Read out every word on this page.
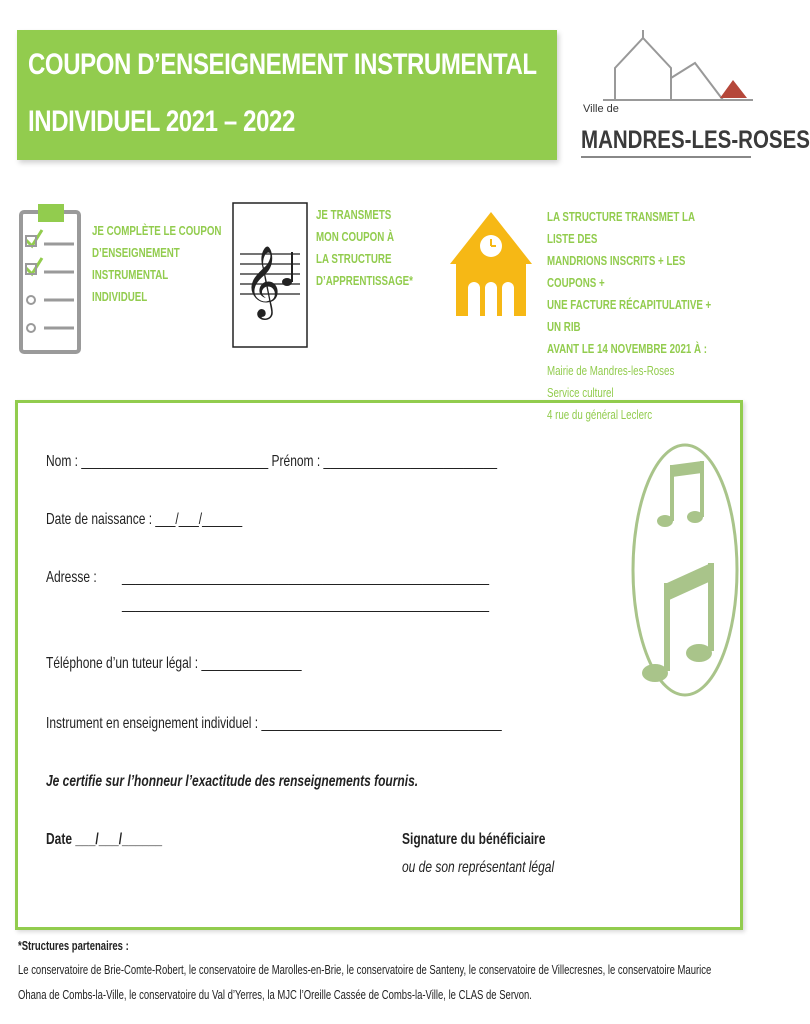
COUPON D’ENSEIGNEMENT INSTRUMENTAL
INDIVIDUEL 2021 – 2022	Ville de
MANDRES-LES-ROSES
JE COMPLÈTE LE COUPON
D’ENSEIGNEMENT
INSTRUMENTAL
INDIVIDUEL	𝄞
JE TRANSMETS
MON COUPON À
LA STRUCTURE
D’APPRENTISSAGE*
LA STRUCTURE TRANSMET LA LISTE DES
MANDRIONS INSCRITS + LES COUPONS +
UNE FACTURE RÉCAPITULATIVE + UN RIB
AVANT LE 14 NOVEMBRE 2021 À :
Mairie de Mandres-les-Roses
Service culturel
4 rue du général Leclerc
Nom : ____________________________ Prénom : __________________________
Date de naissance : ___/___/______
Adresse : _______________________________________________________
_______________________________________________________
Téléphone d’un tuteur légal : _______________
Instrument en enseignement individuel : ____________________________________
Je certifie sur l’honneur l’exactitude des renseignements fournis.
Date ___/___/______	Signature du bénéficiaire
ou de son représentant légal
*Structures partenaires :
Le conservatoire de Brie-Comte-Robert, le conservatoire de Marolles-en-Brie, le conservatoire de Santeny, le conservatoire de Villecresnes, le conservatoire Maurice
Ohana de Combs-la-Ville, le conservatoire du Val d’Yerres, la MJC l’Oreille Cassée de Combs-la-Ville, le CLAS de Servon.
